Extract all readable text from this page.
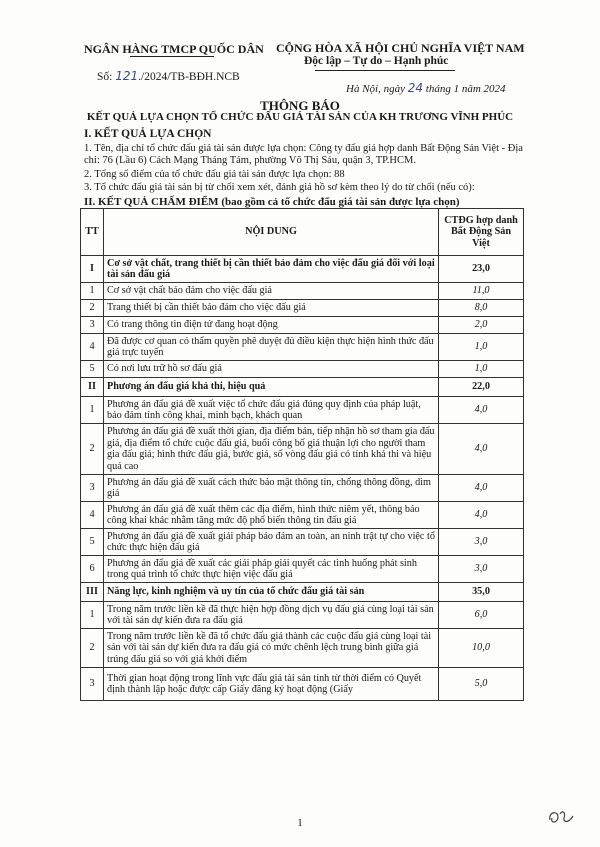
NGÂN HÀNG TMCP QUỐC DÂN CỘNG HÒA XÃ HỘI CHỦ NGHĨA VIỆT NAM
Độc lập – Tự do – Hạnh phúc
Số: 121./2024/TB-BĐH.NCB
Hà Nội, ngày 24 tháng 1 năm 2024
THÔNG BÁO
KẾT QUẢ LỰA CHỌN TỔ CHỨC ĐẤU GIÁ TÀI SẢN CỦA KH TRƯƠNG VĨNH PHÚC
I. KẾT QUẢ LỰA CHỌN
1. Tên, địa chỉ tổ chức đấu giá tài sản được lựa chọn: Công ty đấu giá hợp danh Bất Động Sản Việt - Địa chỉ: 76 (Lầu 6) Cách Mạng Tháng Tám, phường Võ Thị Sáu, quận 3, TP.HCM.
2. Tổng số điểm của tổ chức đấu giá tài sản được lựa chọn: 88
3. Tổ chức đấu giá tài sản bị từ chối xem xét, đánh giá hồ sơ kèm theo lý do từ chối (nếu có):
II. KẾT QUẢ CHẤM ĐIỂM (bao gồm cả tổ chức đấu giá tài sản được lựa chọn)
TT	NỘI DUNG	CTĐG hợp danh Bất Động Sản Việt
I	Cơ sở vật chất, trang thiết bị cần thiết bảo đảm cho việc đấu giá đối với loại tài sản đấu giá	23,0
1	Cơ sở vật chất bảo đảm cho việc đấu giá	11,0
2	Trang thiết bị cần thiết bảo đảm cho việc đấu giá	8,0
3	Có trang thông tin điện tử đang hoạt động	2,0
4	Đã được cơ quan có thẩm quyền phê duyệt đủ điều kiện thực hiện hình thức đấu giá trực tuyến	1,0
5	Có nơi lưu trữ hồ sơ đấu giá	1,0
II	Phương án đấu giá khả thi, hiệu quả	22,0
1	Phương án đấu giá đề xuất việc tổ chức đấu giá đúng quy định của pháp luật, bảo đảm tính công khai, minh bạch, khách quan	4,0
2	Phương án đấu giá đề xuất thời gian, địa điểm bán, tiếp nhận hồ sơ tham gia đấu giá, địa điểm tổ chức cuộc đấu giá, buổi công bố giá thuận lợi cho người tham gia đấu giá; hình thức đấu giá, bước giá, số vòng đấu giá có tính khả thi và hiệu quả cao	4,0
3	Phương án đấu giá đề xuất cách thức bảo mật thông tin, chống thông đồng, dìm giá	4,0
4	Phương án đấu giá đề xuất thêm các địa điểm, hình thức niêm yết, thông báo công khai khác nhằm tăng mức độ phổ biến thông tin đấu giá	4,0
5	Phương án đấu giá đề xuất giải pháp bảo đảm an toàn, an ninh trật tự cho việc tổ chức thực hiện đấu giá	3,0
6	Phương án đấu giá đề xuất các giải pháp giải quyết các tình huống phát sinh trong quá trình tổ chức thực hiện việc đấu giá	3,0
III	Năng lực, kinh nghiệm và uy tín của tổ chức đấu giá tài sản	35,0
1	Trong năm trước liền kề đã thực hiện hợp đồng dịch vụ đấu giá cùng loại tài sản với tài sản dự kiến đưa ra đấu giá	6,0
2	Trong năm trước liền kề đã tổ chức đấu giá thành các cuộc đấu giá cùng loại tài sản với tài sản dự kiến đưa ra đấu giá có mức chênh lệch trung bình giữa giá trúng đấu giá so với giá khởi điểm	10,0
3	Thời gian hoạt động trong lĩnh vực đấu giá tài sản tính từ thời điểm có Quyết định thành lập hoặc được cấp Giấy đăng ký hoạt động (Giấy	5,0
1
